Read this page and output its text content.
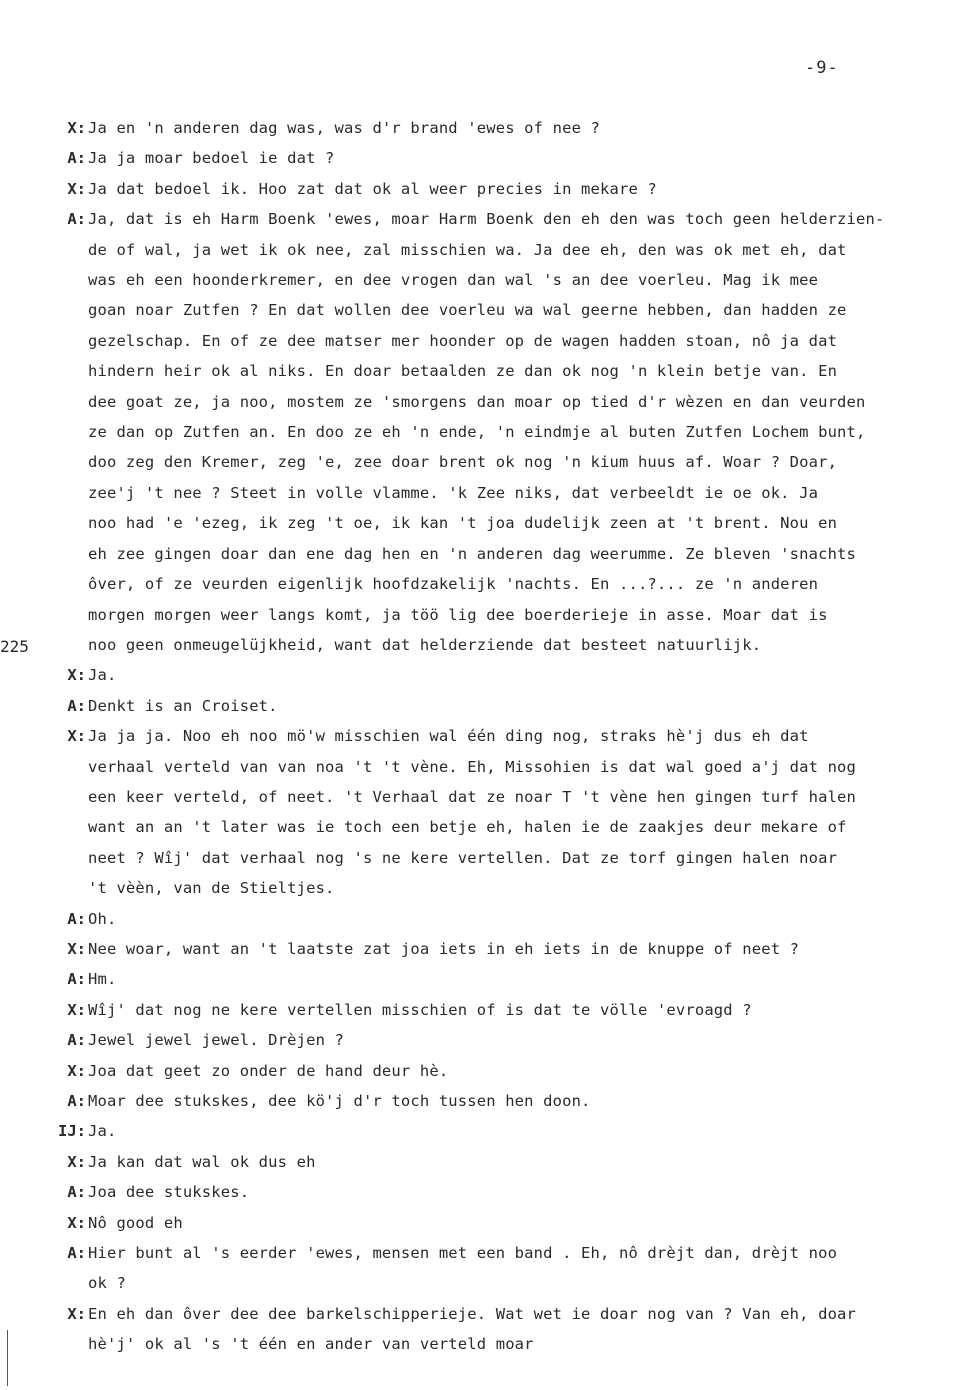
-9-
225
X: Ja en 'n anderen dag was, was d'r brand 'ewes of nee ?
A: Ja ja moar bedoel ie dat ?
X: Ja dat bedoel ik. Hoo zat dat ok al weer precies in mekare ?
A: Ja, dat is eh Harm Boenk 'ewes, moar Harm Boenk den eh den was toch geen helderzien-
de of wal, ja wet ik ok nee, zal misschien wa. Ja dee eh, den was ok met eh, dat
was eh een hoonderkremer, en dee vrogen dan wal 's an dee voerleu. Mag ik mee
goan noar Zutfen ? En dat wollen dee voerleu wa wal geerne hebben, dan hadden ze
gezelschap. En of ze dee matser mer hoonder op de wagen hadden stoan, nô ja dat
hindern heir ok al niks. En doar betaalden ze dan ok nog 'n klein betje van. En
dee goat ze, ja noo, mostem ze 'smorgens dan moar op tied d'r wèzen en dan veurden
ze dan op Zutfen an. En doo ze eh 'n ende, 'n eindmje al buten Zutfen Lochem bunt,
doo zeg den Kremer, zeg 'e, zee doar brent ok nog 'n kium huus af. Woar ? Doar,
zee'j 't nee ? Steet in volle vlamme. 'k Zee niks, dat verbeeldt ie oe ok. Ja
noo had 'e 'ezeg, ik zeg 't oe, ik kan 't joa dudelijk zeen at 't brent. Nou en
eh zee gingen doar dan ene dag hen en 'n anderen dag weerumme. Ze bleven 'snachts
ôver, of ze veurden eigenlijk hoofdzakelijk 'nachts. En ...?... ze 'n anderen
morgen morgen weer langs komt, ja töö lig dee boerderieje in asse. Moar dat is
noo geen onmeugelüjkheid, want dat helderziende dat besteet natuurlijk.
X: Ja.
A: Denkt is an Croiset.
X: Ja ja ja. Noo eh noo mö'w misschien wal één ding nog, straks hè'j dus eh dat
verhaal verteld van van noa 't 't vène. Eh, Missohien is dat wal goed a'j dat nog
een keer verteld, of neet. 't Verhaal dat ze noar T 't vène hen gingen turf halen
want an an 't later was ie toch een betje eh, halen ie de zaakjes deur mekare of
neet ? Wîj' dat verhaal nog 's ne kere vertellen. Dat ze torf gingen halen noar
't vèèn, van de Stieltjes.
A: Oh.
X: Nee woar, want an 't laatste zat joa iets in eh iets in de knuppe of neet ?
A: Hm.
X: Wîj' dat nog ne kere vertellen misschien of is dat te völle 'evroagd ?
A: Jewel jewel jewel. Drèjen ?
X: Joa dat geet zo onder de hand deur hè.
A: Moar dee stukskes, dee kö'j d'r toch tussen hen doon.
IJ: Ja.
X: Ja kan dat wal ok dus eh
A: Joa dee stukskes.
X: Nô good eh
A: Hier bunt al 's eerder 'ewes, mensen met een band . Eh, nô drèjt dan, drèjt noo
ok ?
X: En eh dan ôver dee dee barkelschipperieje. Wat wet ie doar nog van ? Van eh, doar
hè'j' ok al 's 't één en ander van verteld moar
